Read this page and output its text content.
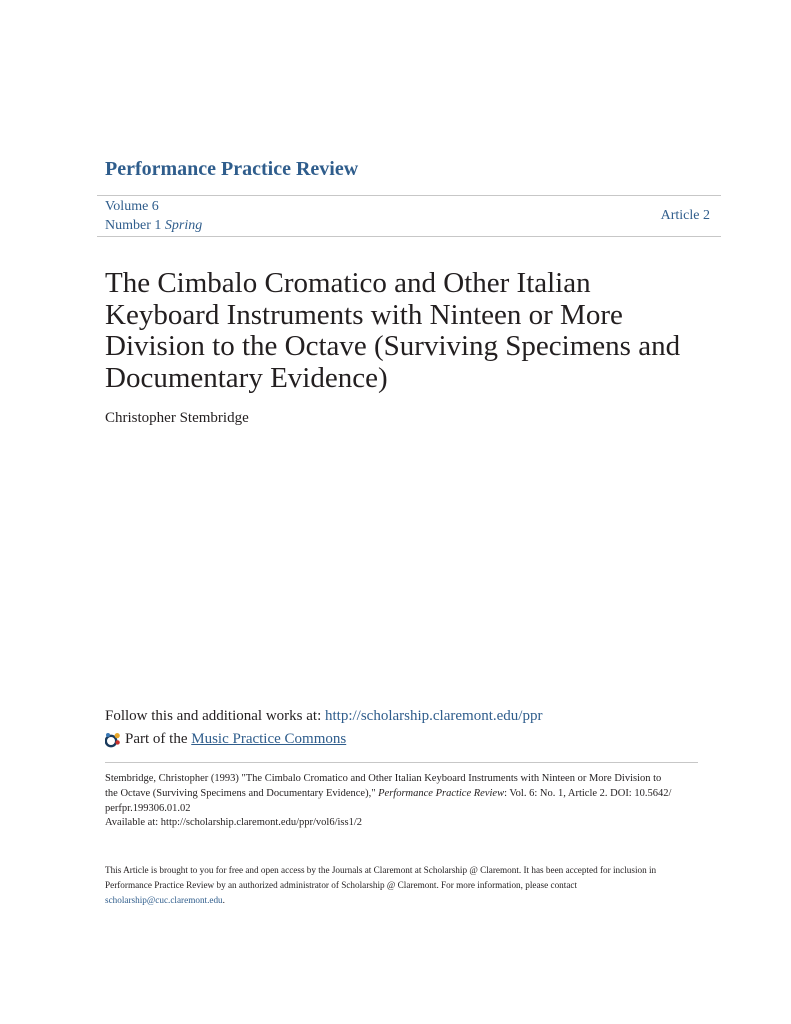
Performance Practice Review
Volume 6
Number 1 Spring
Article 2
The Cimbalo Cromatico and Other Italian
Keyboard Instruments with Ninteen or More
Division to the Octave (Surviving Specimens and
Documentary Evidence)
Christopher Stembridge
Follow this and additional works at: http://scholarship.claremont.edu/ppr
Part of the Music Practice Commons
Stembridge, Christopher (1993) "The Cimbalo Cromatico and Other Italian Keyboard Instruments with Ninteen or More Division to
the Octave (Surviving Specimens and Documentary Evidence)," Performance Practice Review: Vol. 6: No. 1, Article 2. DOI: 10.5642/
perfpr.199306.01.02
Available at: http://scholarship.claremont.edu/ppr/vol6/iss1/2
This Article is brought to you for free and open access by the Journals at Claremont at Scholarship @ Claremont. It has been accepted for inclusion in
Performance Practice Review by an authorized administrator of Scholarship @ Claremont. For more information, please contact
scholarship@cuc.claremont.edu.
